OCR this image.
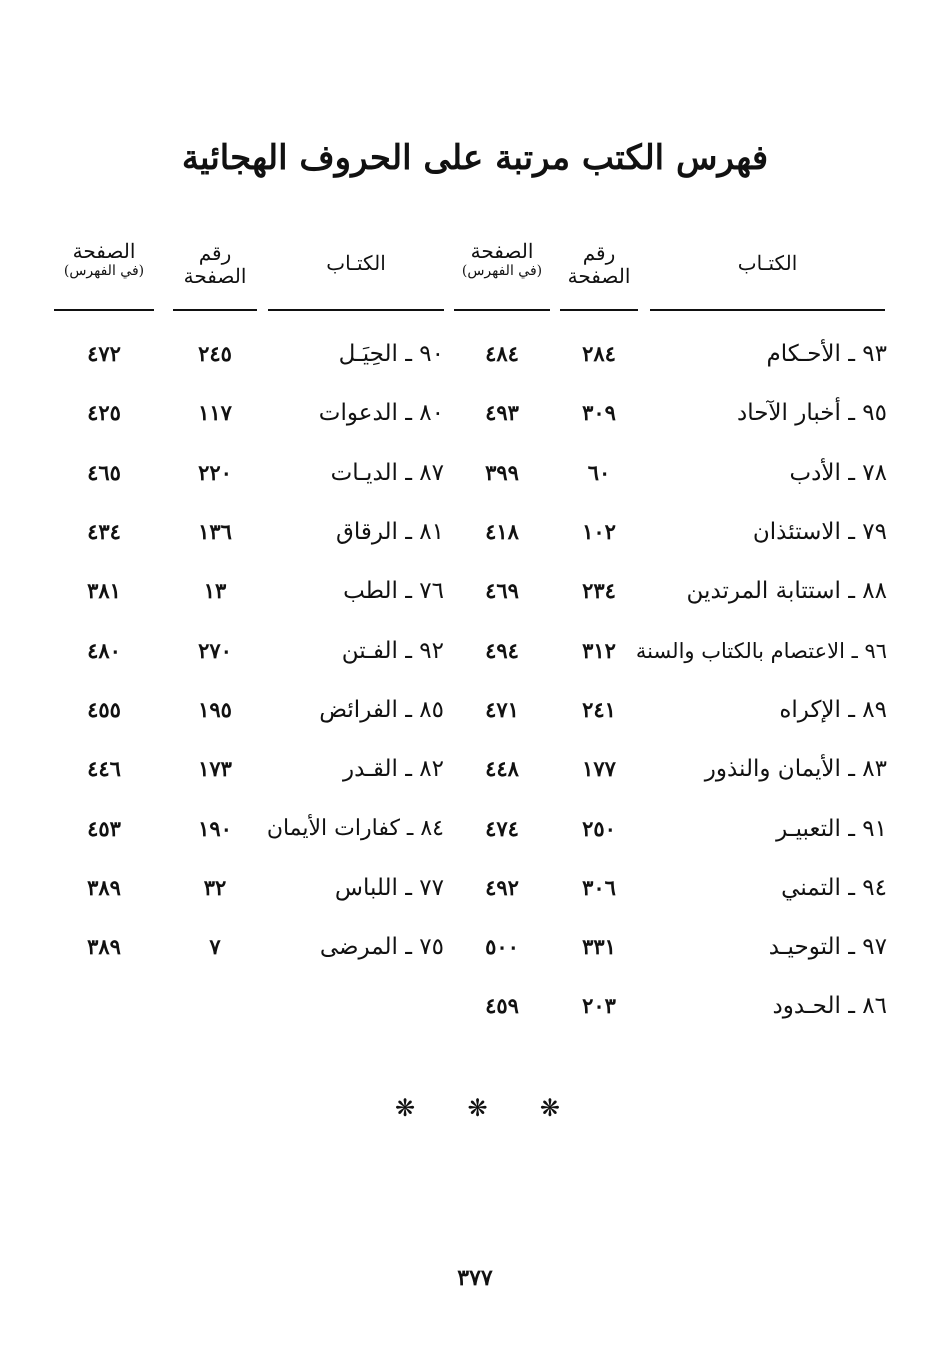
فهرس الكتب مرتبة على الحروف الهجائية
الكتـاب
رقم
الصفحة
الصفحة
(في الفهرس)
الكتـاب
رقم
الصفحة
الصفحة
(في الفهرس)
٩٣ ـ الأحـكام
٢٨٤
٤٨٤
٩٥ ـ أخبار الآحاد
٣٠٩
٤٩٣
٧٨ ـ الأدب
٦٠
٣٩٩
٧٩ ـ الاستئذان
١٠٢
٤١٨
٨٨ ـ استتابة المرتدين
٢٣٤
٤٦٩
٩٦ ـ الاعتصام بالكتاب والسنة
٣١٢
٤٩٤
٨٩ ـ الإكراه
٢٤١
٤٧١
٨٣ ـ الأيمان والنذور
١٧٧
٤٤٨
٩١ ـ التعبيـر
٢٥٠
٤٧٤
٩٤ ـ التمني
٣٠٦
٤٩٢
٩٧ ـ التوحيـد
٣٣١
٥٠٠
٨٦ ـ الحـدود
٢٠٣
٤٥٩
٩٠ ـ الحِيَـل
٢٤٥
٤٧٢
٨٠ ـ الدعوات
١١٧
٤٢٥
٨٧ ـ الديـات
٢٢٠
٤٦٥
٨١ ـ الرقاق
١٣٦
٤٣٤
٧٦ ـ الطب
١٣
٣٨١
٩٢ ـ الفـتن
٢٧٠
٤٨٠
٨٥ ـ الفرائض
١٩٥
٤٥٥
٨٢ ـ القـدر
١٧٣
٤٤٦
٨٤ ـ كفارات الأيمان
١٩٠
٤٥٣
٧٧ ـ اللباس
٣٢
٣٨٩
٧٥ ـ المرضى
٧
٣٨٩
❋ ❋ ❋
٣٧٧
